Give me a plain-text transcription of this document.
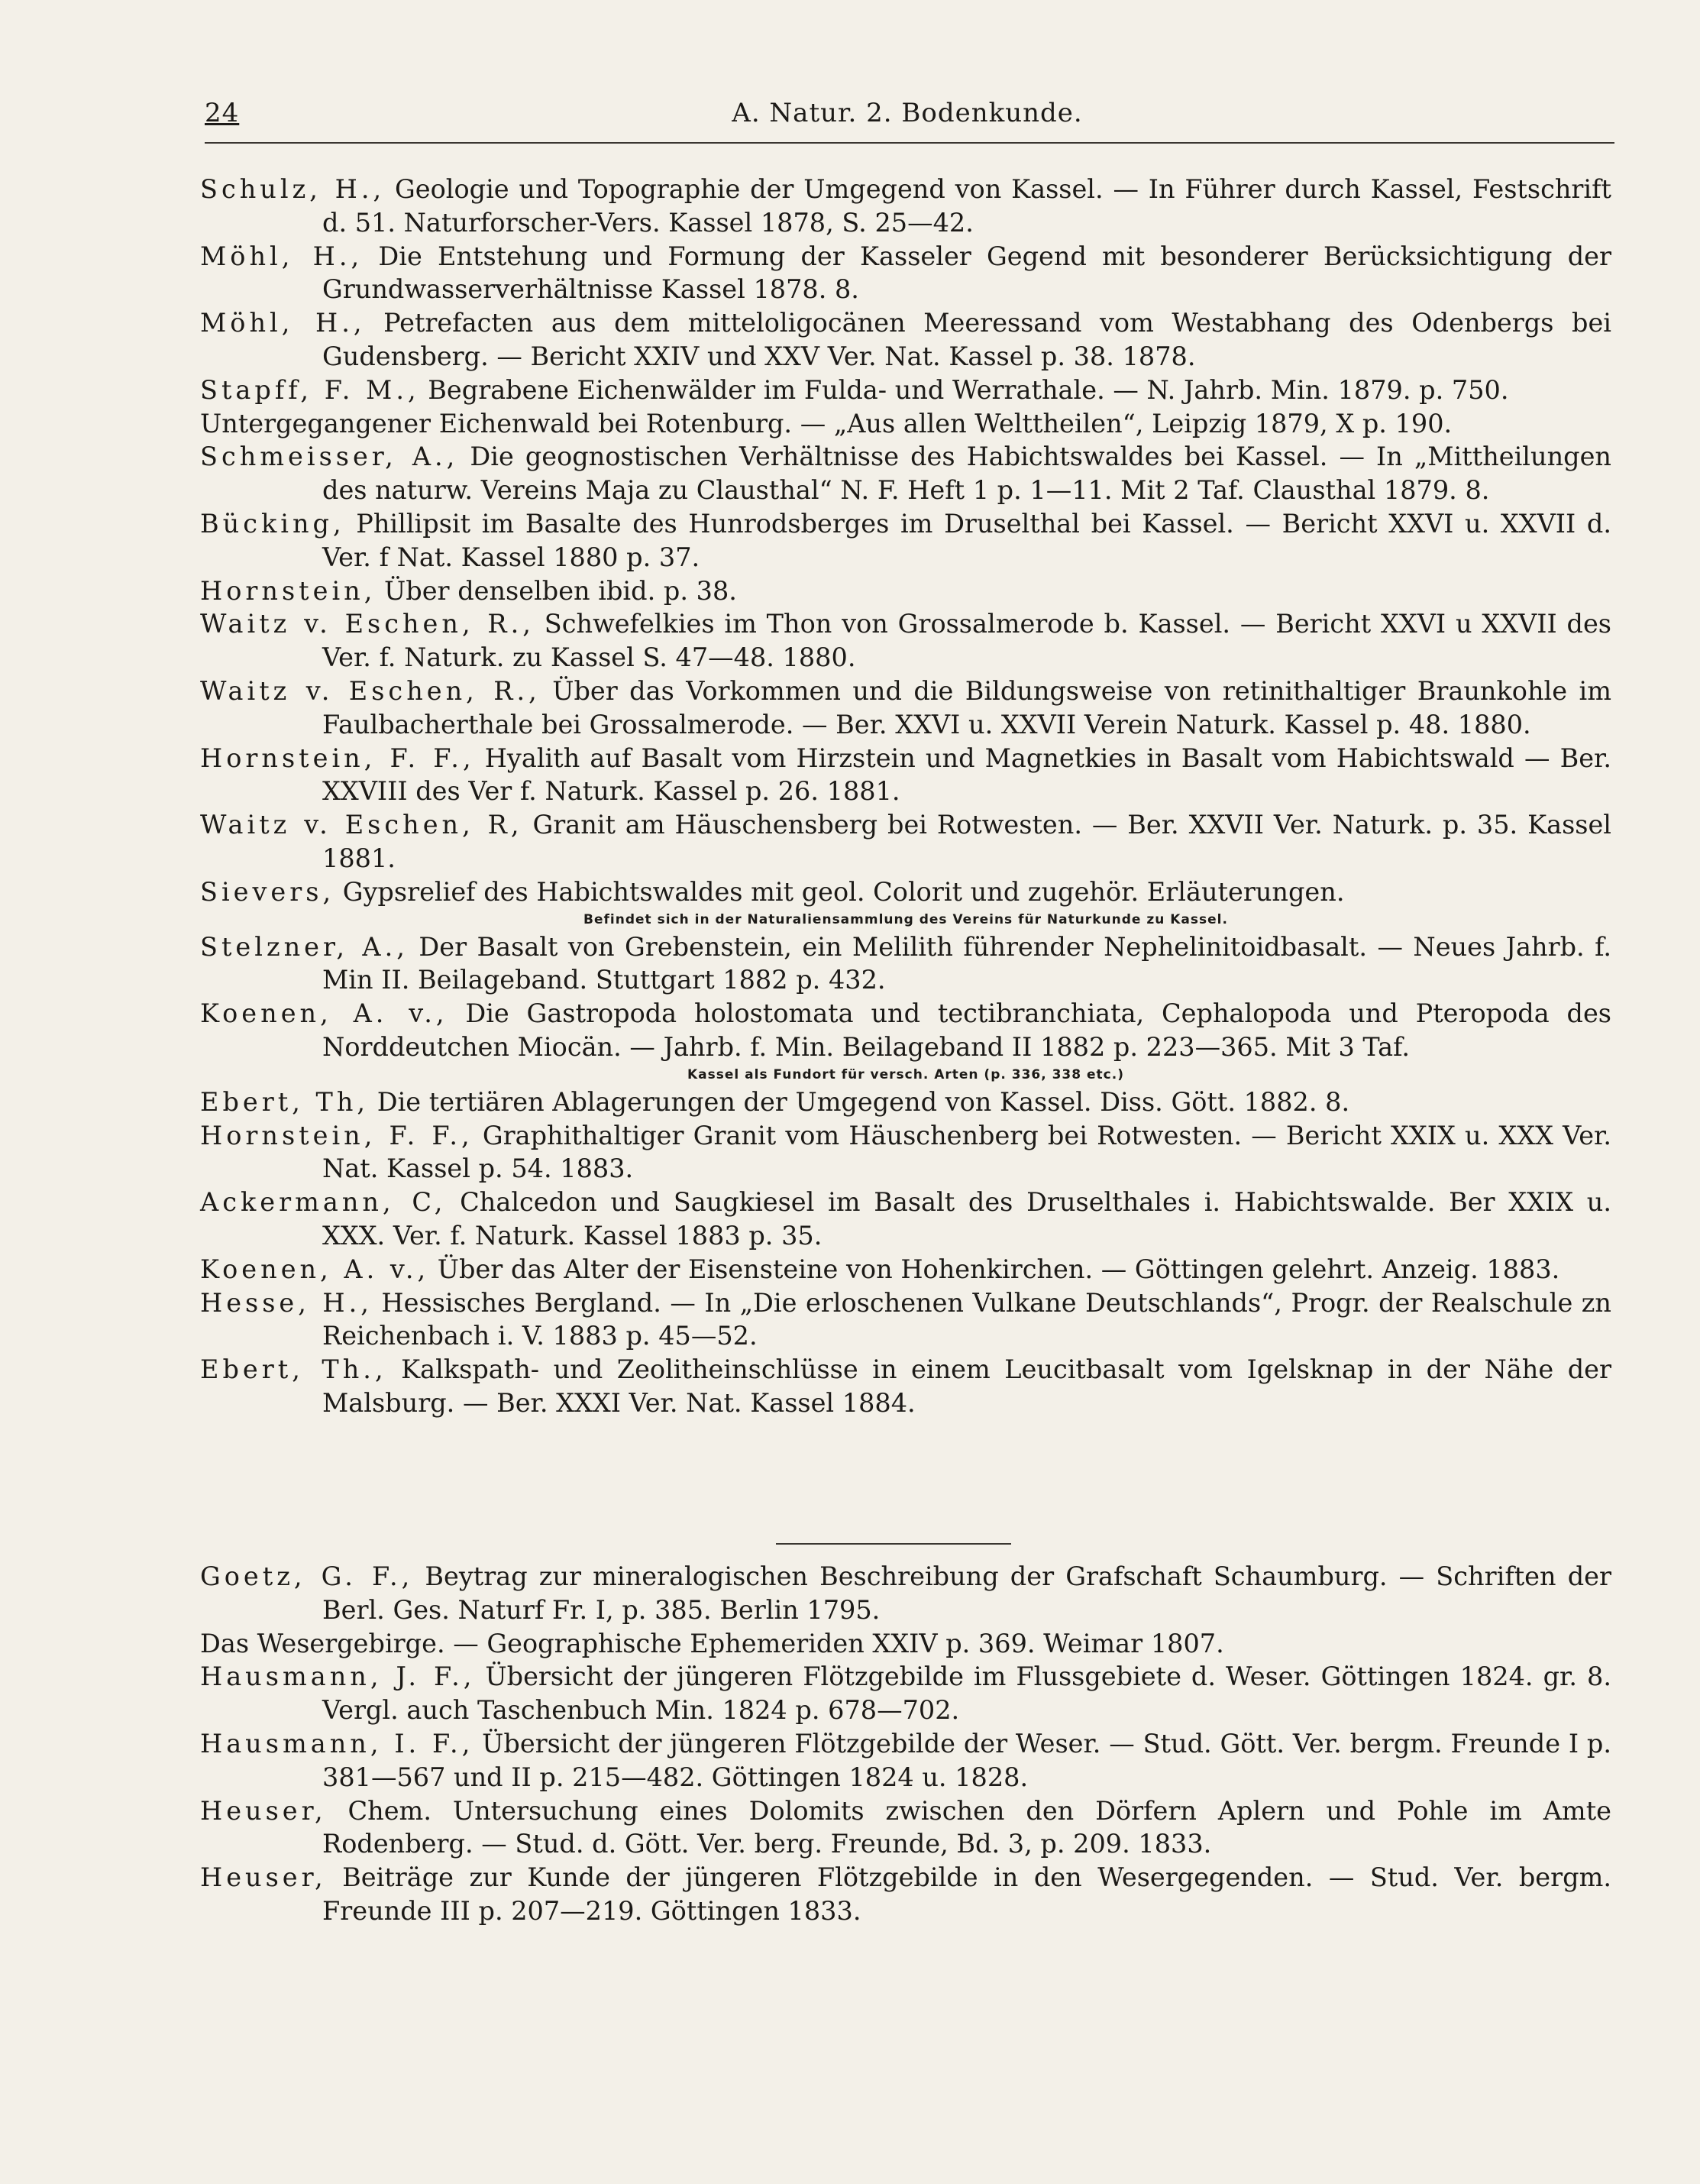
24	A. Natur. 2. Bodenkunde.
Schulz, H., Geologie und Topographie der Umgegend von Kassel. — In Führer durch Kassel, Festschrift d. 51. Naturforscher-Vers. Kassel 1878, S. 25—42.
Möhl, H., Die Entstehung und Formung der Kasseler Gegend mit besonderer Berücksichtigung der Grundwasserverhältnisse Kassel 1878. 8.
Möhl, H., Petrefacten aus dem mitteloligocänen Meeressand vom Westabhang des Odenbergs bei Gudensberg. — Bericht XXIV und XXV Ver. Nat. Kassel p. 38. 1878.
Stapff, F. M., Begrabene Eichenwälder im Fulda- und Werrathale. — N. Jahrb. Min. 1879. p. 750.
Untergegangener Eichenwald bei Rotenburg. — „Aus allen Welttheilen“, Leipzig 1879, X p. 190.
Schmeisser, A., Die geognostischen Verhältnisse des Habichtswaldes bei Kassel. — In „Mittheilungen des naturw. Vereins Maja zu Clausthal“ N. F. Heft 1 p. 1—11. Mit 2 Taf. Clausthal 1879. 8.
Bücking, Phillipsit im Basalte des Hunrodsberges im Druselthal bei Kassel. — Bericht XXVI u. XXVII d. Ver. f Nat. Kassel 1880 p. 37.
Hornstein, Über denselben ibid. p. 38.
Waitz v. Eschen, R., Schwefelkies im Thon von Grossalmerode b. Kassel. — Bericht XXVI u XXVII des Ver. f. Naturk. zu Kassel S. 47—48. 1880.
Waitz v. Eschen, R., Über das Vorkommen und die Bildungsweise von retinithaltiger Braunkohle im Faulbacherthale bei Grossalmerode. — Ber. XXVI u. XXVII Verein Naturk. Kassel p. 48. 1880.
Hornstein, F. F., Hyalith auf Basalt vom Hirzstein und Magnetkies in Basalt vom Habichtswald — Ber. XXVIII des Ver f. Naturk. Kassel p. 26. 1881.
Waitz v. Eschen, R, Granit am Häuschensberg bei Rotwesten. — Ber. XXVII Ver. Naturk. p. 35. Kassel 1881.
Sievers, Gypsrelief des Habichtswaldes mit geol. Colorit und zugehör. Erläuterungen.
Befindet sich in der Naturaliensammlung des Vereins für Naturkunde zu Kassel.
Stelzner, A., Der Basalt von Grebenstein, ein Melilith führender Nephelinitoidbasalt. — Neues Jahrb. f. Min II. Beilageband. Stuttgart 1882 p. 432.
Koenen, A. v., Die Gastropoda holostomata und tectibranchiata, Cephalopoda und Pteropoda des Norddeutchen Miocän. — Jahrb. f. Min. Beilageband II 1882 p. 223—365. Mit 3 Taf.
Kassel als Fundort für versch. Arten (p. 336, 338 etc.)
Ebert, Th, Die tertiären Ablagerungen der Umgegend von Kassel. Diss. Gött. 1882. 8.
Hornstein, F. F., Graphithaltiger Granit vom Häuschenberg bei Rotwesten. — Bericht XXIX u. XXX Ver. Nat. Kassel p. 54. 1883.
Ackermann, C, Chalcedon und Saugkiesel im Basalt des Druselthales i. Habichtswalde. Ber XXIX u. XXX. Ver. f. Naturk. Kassel 1883 p. 35.
Koenen, A. v., Über das Alter der Eisensteine von Hohenkirchen. — Göttingen gelehrt. Anzeig. 1883.
Hesse, H., Hessisches Bergland. — In „Die erloschenen Vulkane Deutschlands“, Progr. der Realschule zn Reichenbach i. V. 1883 p. 45—52.
Ebert, Th., Kalkspath- und Zeolitheinschlüsse in einem Leucitbasalt vom Igelsknap in der Nähe der Malsburg. — Ber. XXXI Ver. Nat. Kassel 1884.
Goetz, G. F., Beytrag zur mineralogischen Beschreibung der Grafschaft Schaumburg. — Schriften der Berl. Ges. Naturf Fr. I, p. 385. Berlin 1795.
Das Wesergebirge. — Geographische Ephemeriden XXIV p. 369. Weimar 1807.
Hausmann, J. F., Übersicht der jüngeren Flötzgebilde im Flussgebiete d. Weser. Göttingen 1824. gr. 8. Vergl. auch Taschenbuch Min. 1824 p. 678—702.
Hausmann, I. F., Übersicht der jüngeren Flötzgebilde der Weser. — Stud. Gött. Ver. bergm. Freunde I p. 381—567 und II p. 215—482. Göttingen 1824 u. 1828.
Heuser, Chem. Untersuchung eines Dolomits zwischen den Dörfern Aplern und Pohle im Amte Rodenberg. — Stud. d. Gött. Ver. berg. Freunde, Bd. 3, p. 209. 1833.
Heuser, Beiträge zur Kunde der jüngeren Flötzgebilde in den Wesergegenden. — Stud. Ver. bergm. Freunde III p. 207—219. Göttingen 1833.
